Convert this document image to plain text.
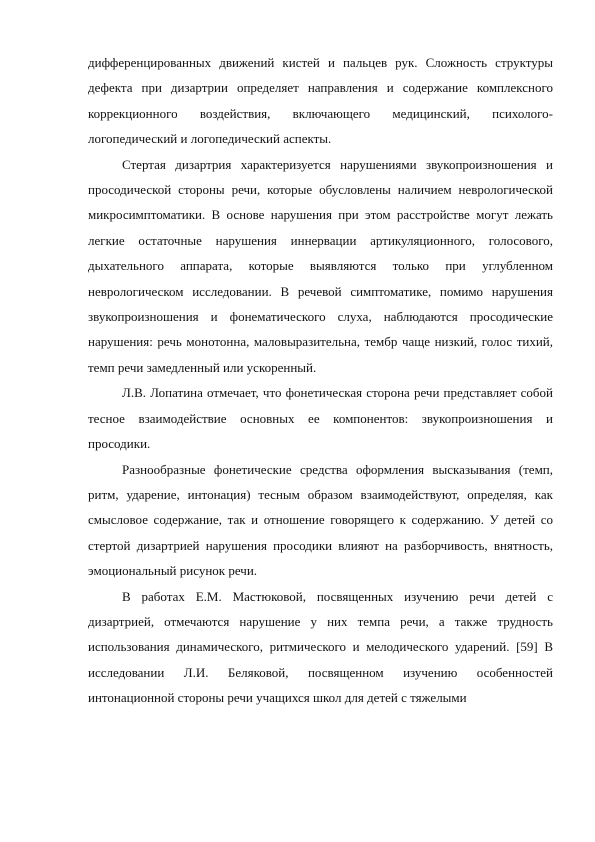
дифференцированных движений кистей и пальцев рук. Сложность структуры дефекта при дизартрии определяет направления и содержание комплексного коррекционного воздействия, включающего медицинский, психолого-логопедический и логопедический аспекты.

Стертая дизартрия характеризуется нарушениями звукопроизношения и просодической стороны речи, которые обусловлены наличием неврологической микросимптоматики. В основе нарушения при этом расстройстве могут лежать легкие остаточные нарушения иннервации артикуляционного, голосового, дыхательного аппарата, которые выявляются только при углубленном неврологическом исследовании. В речевой симптоматике, помимо нарушения звукопроизношения и фонематического слуха, наблюдаются просодические нарушения: речь монотонна, маловыразительна, тембр чаще низкий, голос тихий, темп речи замедленный или ускоренный.

Л.В. Лопатина отмечает, что фонетическая сторона речи представляет собой тесное взаимодействие основных ее компонентов: звукопроизношения и просодики.

Разнообразные фонетические средства оформления высказывания (темп, ритм, ударение, интонация) тесным образом взаимодействуют, определяя, как смысловое содержание, так и отношение говорящего к содержанию. У детей со стертой дизартрией нарушения просодики влияют на разборчивость, внятность, эмоциональный рисунок речи.

В работах Е.М. Мастюковой, посвященных изучению речи детей с дизартрией, отмечаются нарушение у них темпа речи, а также трудность использования динамического, ритмического и мелодического ударений. [59] В исследовании Л.И. Беляковой, посвященном изучению особенностей интонационной стороны речи учащихся школ для детей с тяжелыми
